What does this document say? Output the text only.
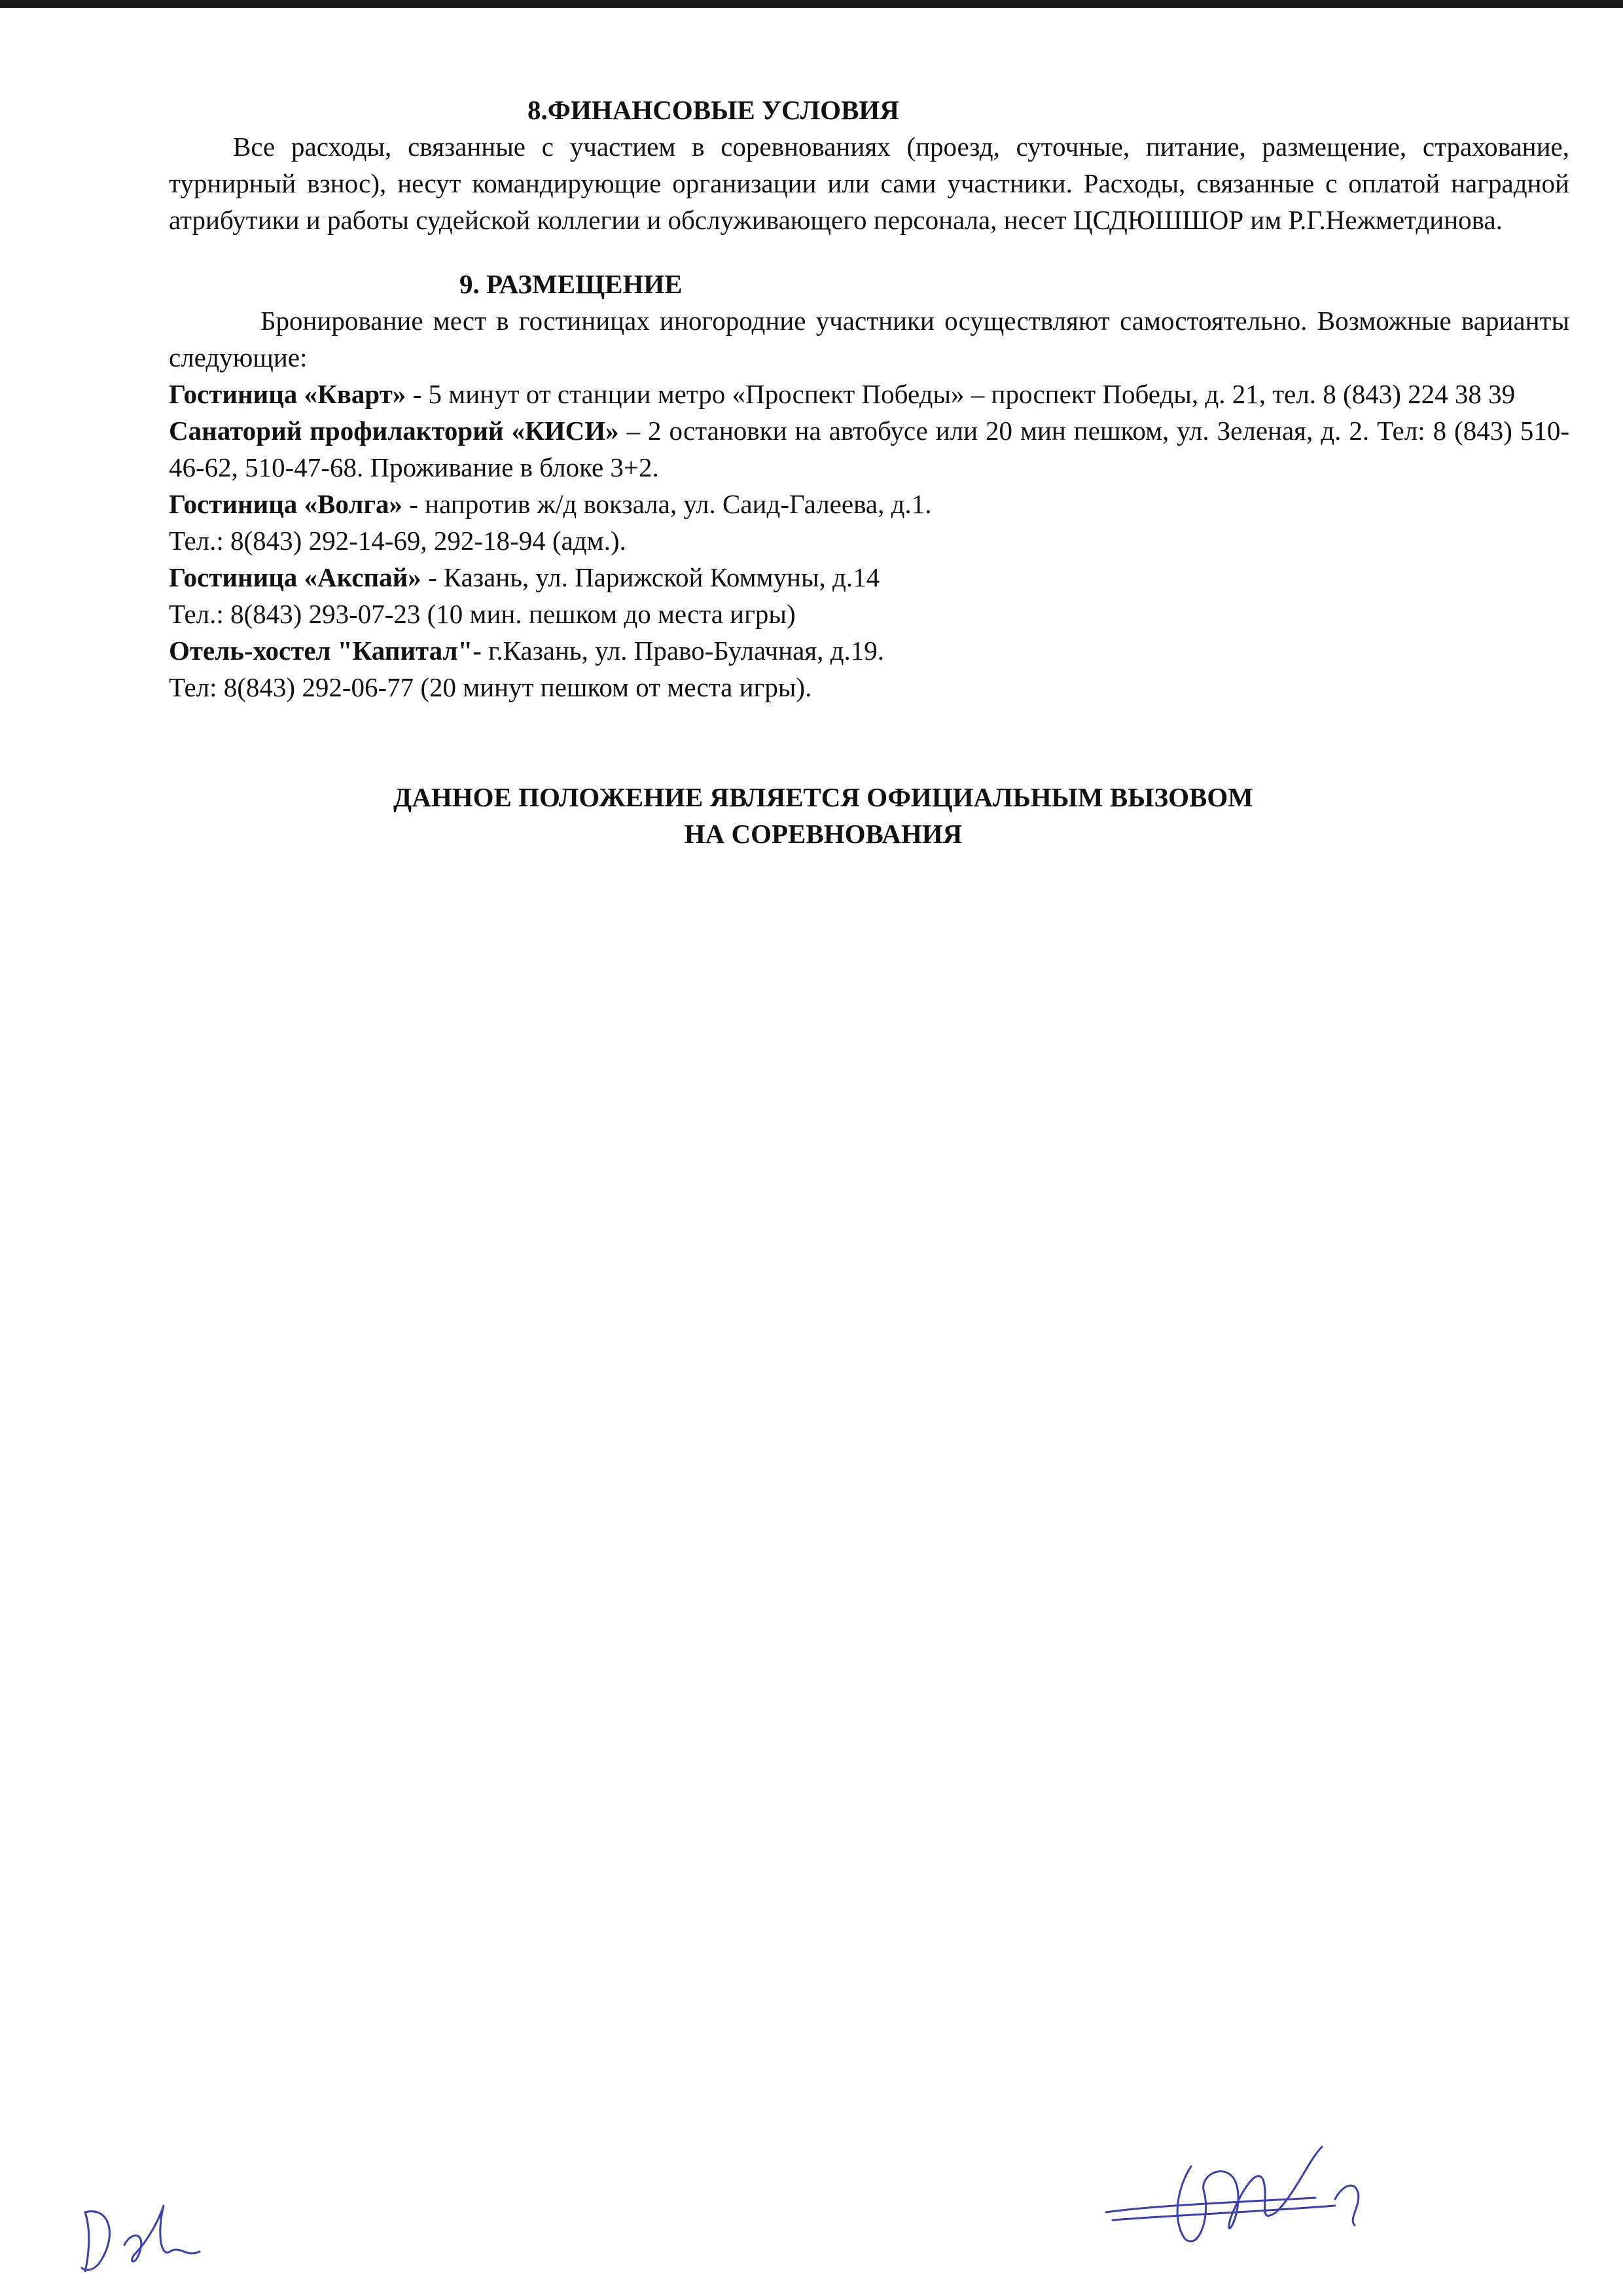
8.ФИНАНСОВЫЕ УСЛОВИЯ

Все расходы, связанные с участием в соревнованиях (проезд, суточные, питание, размещение, страхование, турнирный взнос), несут командирующие организации или сами участники. Расходы, связанные с оплатой наградной атрибутики и работы судейской коллегии и обслуживающего персонала, несет ЦСДЮШШОР им Р.Г.Нежметдинова.

9. РАЗМЕЩЕНИЕ

Бронирование мест в гостиницах иногородние участники осуществляют самостоятельно. Возможные варианты следующие:

Гостиница «Кварт» - 5 минут от станции метро «Проспект Победы» – проспект Победы, д. 21, тел. 8 (843) 224 38 39

Санаторий профилакторий «КИСИ» – 2 остановки на автобусе или 20 мин пешком, ул. Зеленая, д. 2. Тел: 8 (843) 510-46-62, 510-47-68. Проживание в блоке 3+2.

Гостиница «Волга» - напротив ж/д вокзала, ул. Саид-Галеева, д.1.

Тел.: 8(843) 292-14-69, 292-18-94 (адм.).

Гостиница «Акспай» - Казань, ул. Парижской Коммуны, д.14

Тел.: 8(843) 293-07-23 (10 мин. пешком до места игры)

Отель-хостел "Капитал"- г.Казань, ул. Право-Булачная, д.19.

Тел: 8(843) 292-06-77 (20 минут пешком от места игры).

ДАННОЕ ПОЛОЖЕНИЕ ЯВЛЯЕТСЯ ОФИЦИАЛЬНЫМ ВЫЗОВОМ
НА СОРЕВНОВАНИЯ
